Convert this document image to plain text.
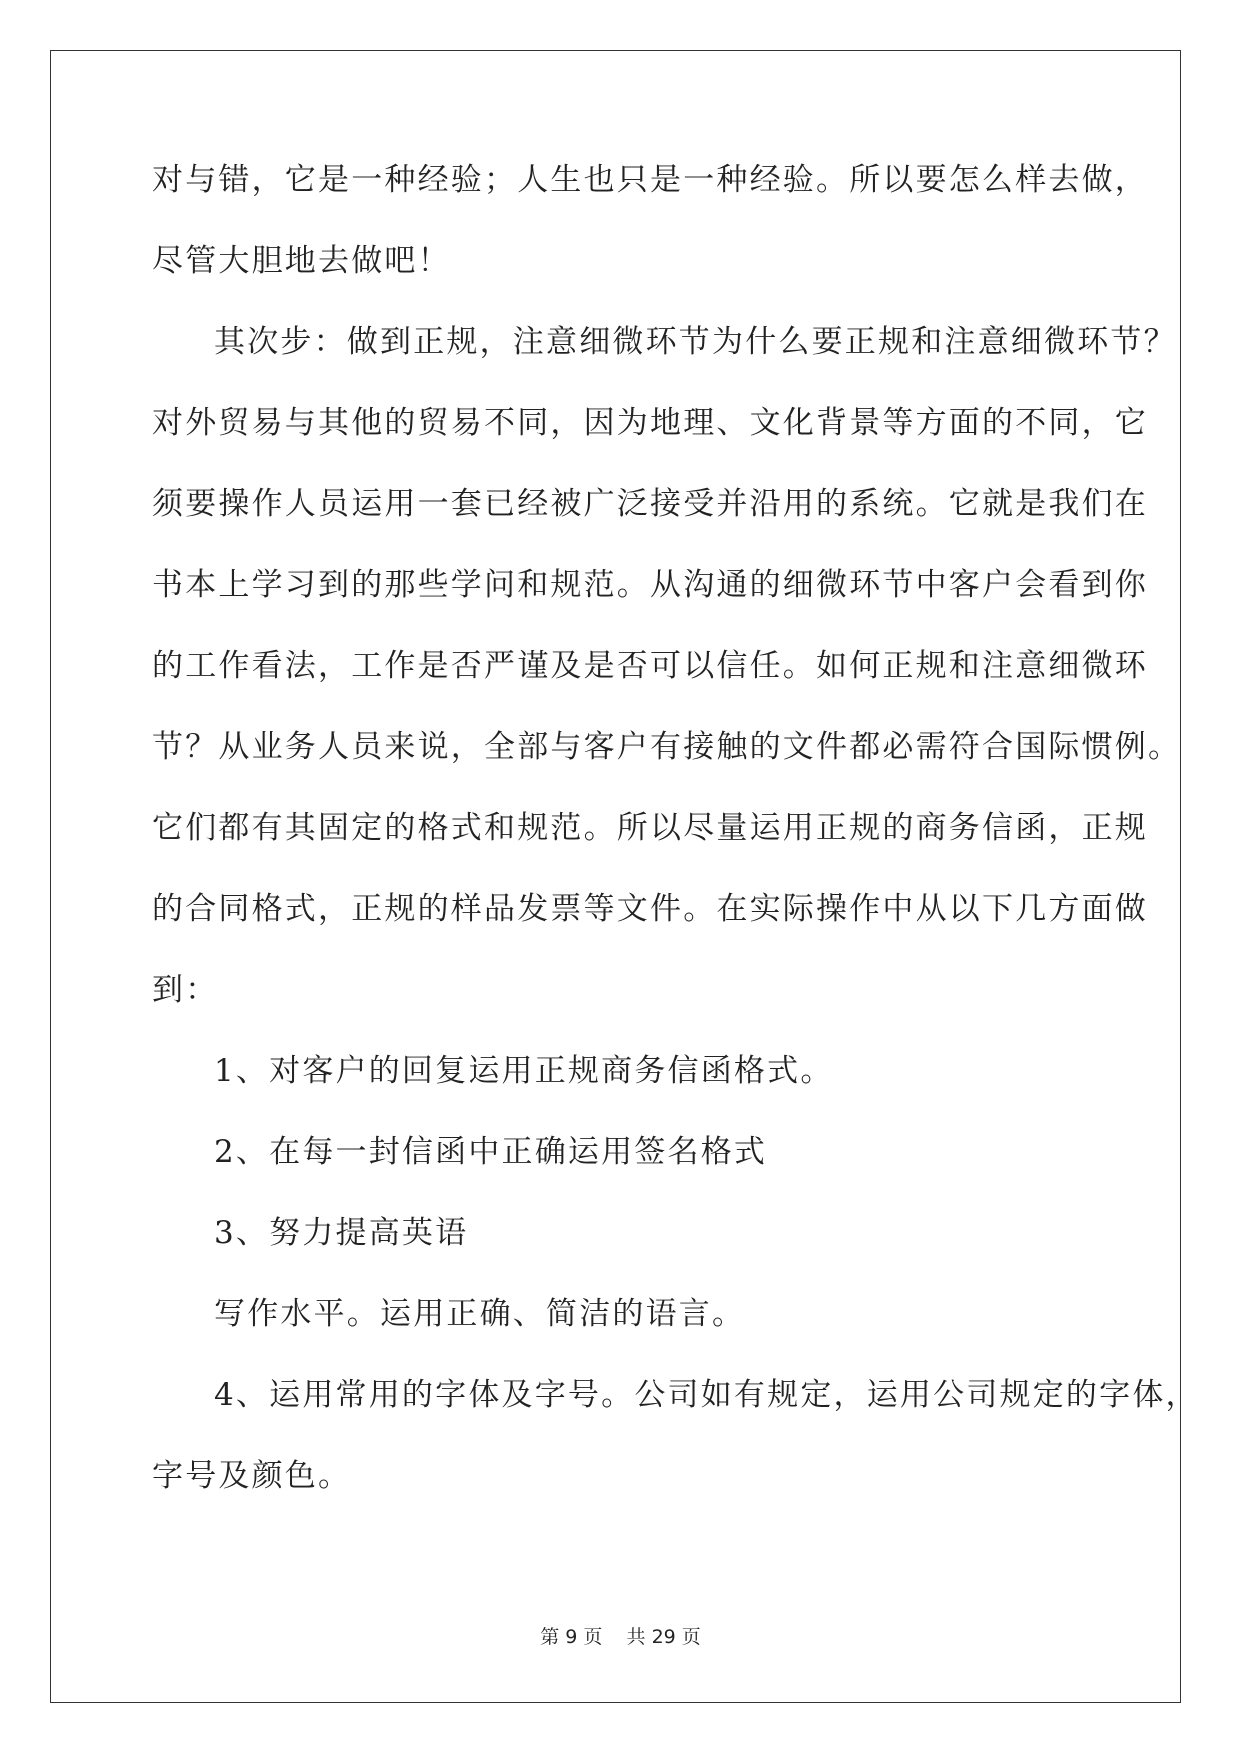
对与错，它是一种经验；人生也只是一种经验。所以要怎么样去做，
尽管大胆地去做吧！
其次步：做到正规，注意细微环节为什么要正规和注意细微环节？
对外贸易与其他的贸易不同，因为地理、文化背景等方面的不同，它
须要操作人员运用一套已经被广泛接受并沿用的系统。它就是我们在
书本上学习到的那些学问和规范。从沟通的细微环节中客户会看到你
的工作看法，工作是否严谨及是否可以信任。如何正规和注意细微环
节？从业务人员来说，全部与客户有接触的文件都必需符合国际惯例。
它们都有其固定的格式和规范。所以尽量运用正规的商务信函，正规
的合同格式，正规的样品发票等文件。在实际操作中从以下几方面做
到：
1、对客户的回复运用正规商务信函格式。
2、在每一封信函中正确运用签名格式
3、努力提高英语
写作水平。运用正确、简洁的语言。
4、运用常用的字体及字号。公司如有规定，运用公司规定的字体，
字号及颜色。
第 9 页    共 29 页
